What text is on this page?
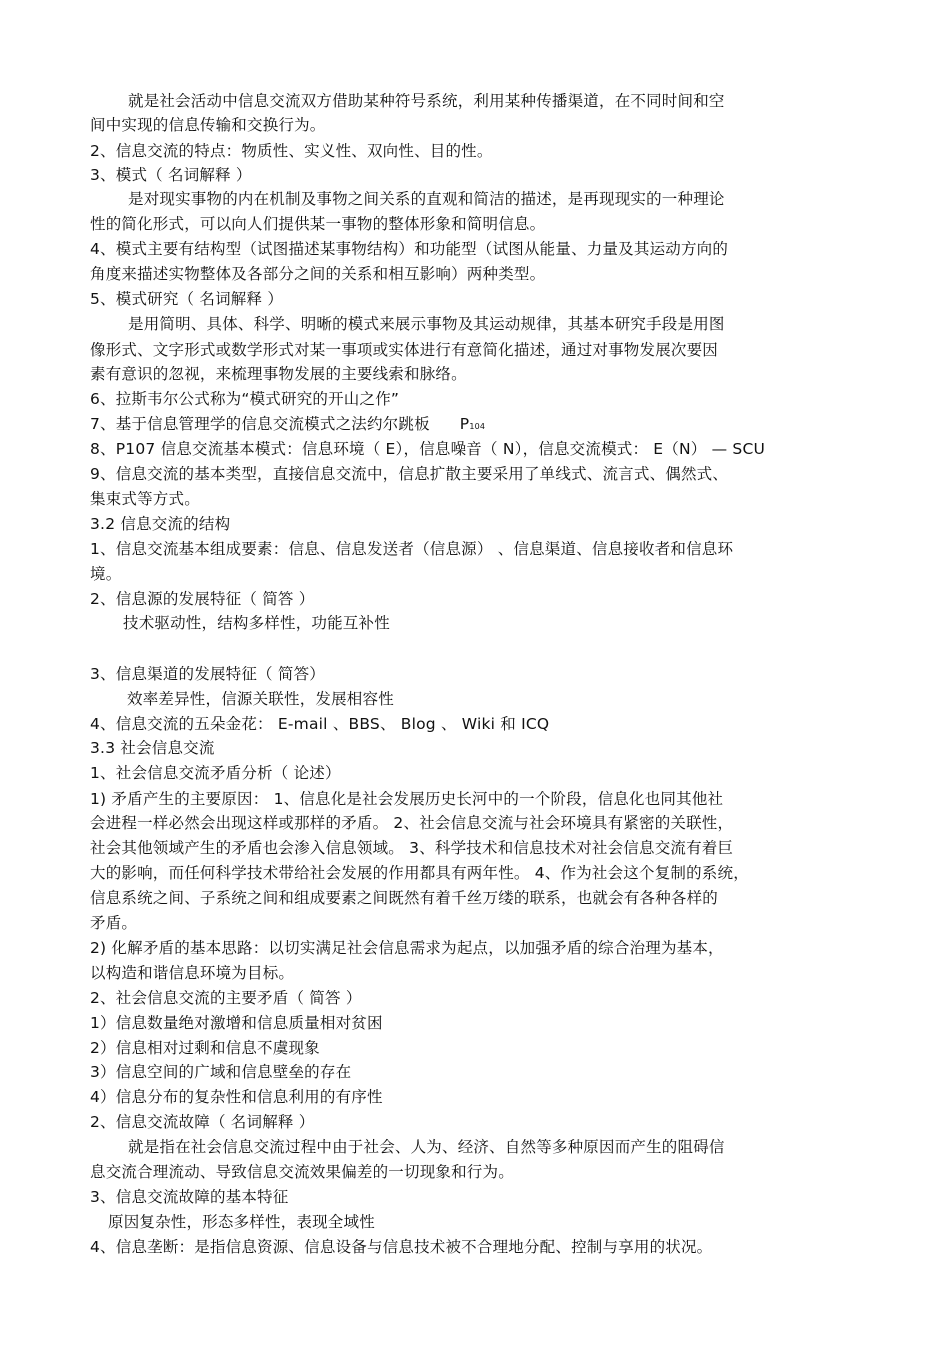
就是社会活动中信息交流双方借助某种符号系统，利用某种传播渠道，在不同时间和空
间中实现的信息传输和交换行为。
2、信息交流的特点：物质性、实义性、双向性、目的性。
3、模式（ 名词解释 ）
是对现实事物的内在机制及事物之间关系的直观和简洁的描述，是再现现实的一种理论
性的简化形式，可以向人们提供某一事物的整体形象和简明信息。
4、模式主要有结构型（试图描述某事物结构）和功能型（试图从能量、力量及其运动方向的
角度来描述实物整体及各部分之间的关系和相互影响）两种类型。
5、模式研究（ 名词解释 ）
是用简明、具体、科学、明晰的模式来展示事物及其运动规律，其基本研究手段是用图
像形式、文字形式或数学形式对某一事项或实体进行有意简化描述，通过对事物发展次要因
素有意识的忽视，来梳理事物发展的主要线索和脉络。
6、拉斯韦尔公式称为“模式研究的开山之作”
7、基于信息管理学的信息交流模式之法约尔跳板 P104
8、P107 信息交流基本模式：信息环境（ E），信息噪音（ N），信息交流模式： E（N） — SCU
9、信息交流的基本类型，直接信息交流中，信息扩散主要采用了单线式、流言式、偶然式、
集束式等方式。
3.2 信息交流的结构
1、信息交流基本组成要素：信息、信息发送者（信息源） 、信息渠道、信息接收者和信息环
境。
2、信息源的发展特征（ 简答 ）
技术驱动性，结构多样性，功能互补性
3、信息渠道的发展特征（ 简答）
效率差异性，信源关联性，发展相容性
4、信息交流的五朵金花： E-mail 、BBS、 Blog 、 Wiki 和 ICQ
3.3 社会信息交流
1、社会信息交流矛盾分析（ 论述）
1) 矛盾产生的主要原因： 1、信息化是社会发展历史长河中的一个阶段，信息化也同其他社
会进程一样必然会出现这样或那样的矛盾。 2、社会信息交流与社会环境具有紧密的关联性，
社会其他领域产生的矛盾也会渗入信息领域。 3、科学技术和信息技术对社会信息交流有着巨
大的影响，而任何科学技术带给社会发展的作用都具有两年性。 4、作为社会这个复制的系统，
信息系统之间、子系统之间和组成要素之间既然有着千丝万缕的联系，也就会有各种各样的
矛盾。
2) 化解矛盾的基本思路：以切实满足社会信息需求为起点，以加强矛盾的综合治理为基本，
以构造和谐信息环境为目标。
2、社会信息交流的主要矛盾（ 简答 ）
1）信息数量绝对激增和信息质量相对贫困
2）信息相对过剩和信息不虞现象
3）信息空间的广域和信息壁垒的存在
4）信息分布的复杂性和信息利用的有序性
2、信息交流故障（ 名词解释 ）
就是指在社会信息交流过程中由于社会、人为、经济、自然等多种原因而产生的阻碍信
息交流合理流动、导致信息交流效果偏差的一切现象和行为。
3、信息交流故障的基本特征
原因复杂性，形态多样性，表现全域性
4、信息垄断：是指信息资源、信息设备与信息技术被不合理地分配、控制与享用的状况。
